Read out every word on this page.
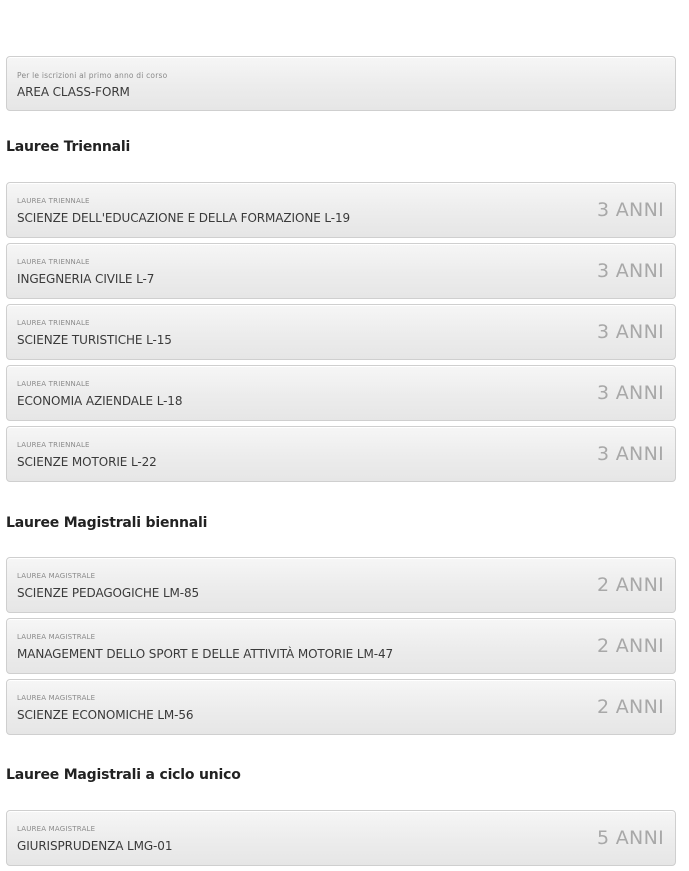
Per le iscrizioni al primo anno di corso
AREA CLASS-FORM
Lauree Triennali
LAUREA TRIENNALE
SCIENZE DELL'EDUCAZIONE E DELLA FORMAZIONE L-19	3 ANNI
LAUREA TRIENNALE
INGEGNERIA CIVILE L-7	3 ANNI
LAUREA TRIENNALE
SCIENZE TURISTICHE L-15	3 ANNI
LAUREA TRIENNALE
ECONOMIA AZIENDALE L-18	3 ANNI
LAUREA TRIENNALE
SCIENZE MOTORIE L-22	3 ANNI
Lauree Magistrali biennali
LAUREA MAGISTRALE
SCIENZE PEDAGOGICHE LM-85	2 ANNI
LAUREA MAGISTRALE
MANAGEMENT DELLO SPORT E DELLE ATTIVITÀ MOTORIE LM-47	2 ANNI
LAUREA MAGISTRALE
SCIENZE ECONOMICHE LM-56	2 ANNI
Lauree Magistrali a ciclo unico
LAUREA MAGISTRALE
GIURISPRUDENZA LMG-01	5 ANNI
